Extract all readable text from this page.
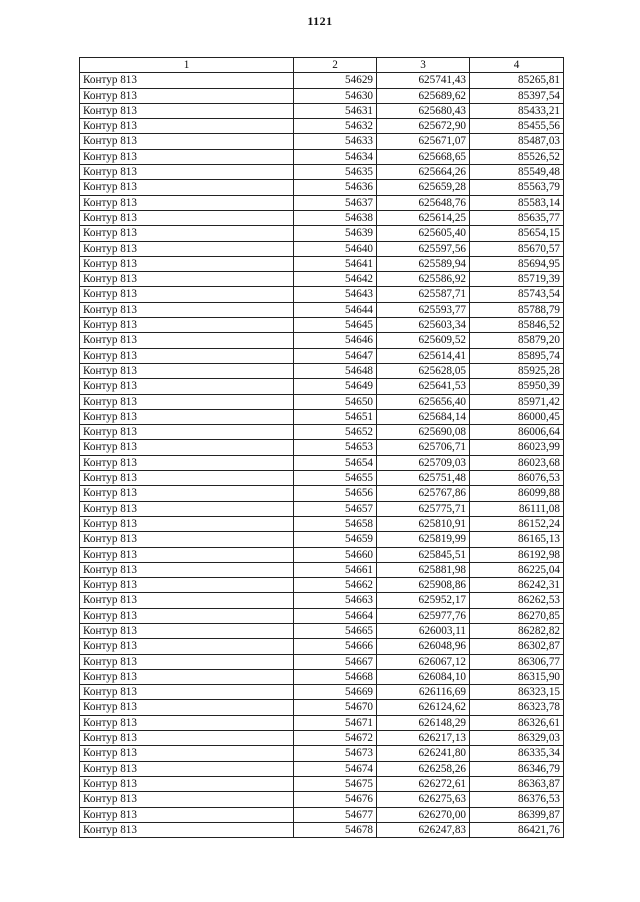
1121
1	2	3	4
Контур 813	54629	625741,43	85265,81
Контур 813	54630	625689,62	85397,54
Контур 813	54631	625680,43	85433,21
Контур 813	54632	625672,90	85455,56
Контур 813	54633	625671,07	85487,03
Контур 813	54634	625668,65	85526,52
Контур 813	54635	625664,26	85549,48
Контур 813	54636	625659,28	85563,79
Контур 813	54637	625648,76	85583,14
Контур 813	54638	625614,25	85635,77
Контур 813	54639	625605,40	85654,15
Контур 813	54640	625597,56	85670,57
Контур 813	54641	625589,94	85694,95
Контур 813	54642	625586,92	85719,39
Контур 813	54643	625587,71	85743,54
Контур 813	54644	625593,77	85788,79
Контур 813	54645	625603,34	85846,52
Контур 813	54646	625609,52	85879,20
Контур 813	54647	625614,41	85895,74
Контур 813	54648	625628,05	85925,28
Контур 813	54649	625641,53	85950,39
Контур 813	54650	625656,40	85971,42
Контур 813	54651	625684,14	86000,45
Контур 813	54652	625690,08	86006,64
Контур 813	54653	625706,71	86023,99
Контур 813	54654	625709,03	86023,68
Контур 813	54655	625751,48	86076,53
Контур 813	54656	625767,86	86099,88
Контур 813	54657	625775,71	86111,08
Контур 813	54658	625810,91	86152,24
Контур 813	54659	625819,99	86165,13
Контур 813	54660	625845,51	86192,98
Контур 813	54661	625881,98	86225,04
Контур 813	54662	625908,86	86242,31
Контур 813	54663	625952,17	86262,53
Контур 813	54664	625977,76	86270,85
Контур 813	54665	626003,11	86282,82
Контур 813	54666	626048,96	86302,87
Контур 813	54667	626067,12	86306,77
Контур 813	54668	626084,10	86315,90
Контур 813	54669	626116,69	86323,15
Контур 813	54670	626124,62	86323,78
Контур 813	54671	626148,29	86326,61
Контур 813	54672	626217,13	86329,03
Контур 813	54673	626241,80	86335,34
Контур 813	54674	626258,26	86346,79
Контур 813	54675	626272,61	86363,87
Контур 813	54676	626275,63	86376,53
Контур 813	54677	626270,00	86399,87
Контур 813	54678	626247,83	86421,76
